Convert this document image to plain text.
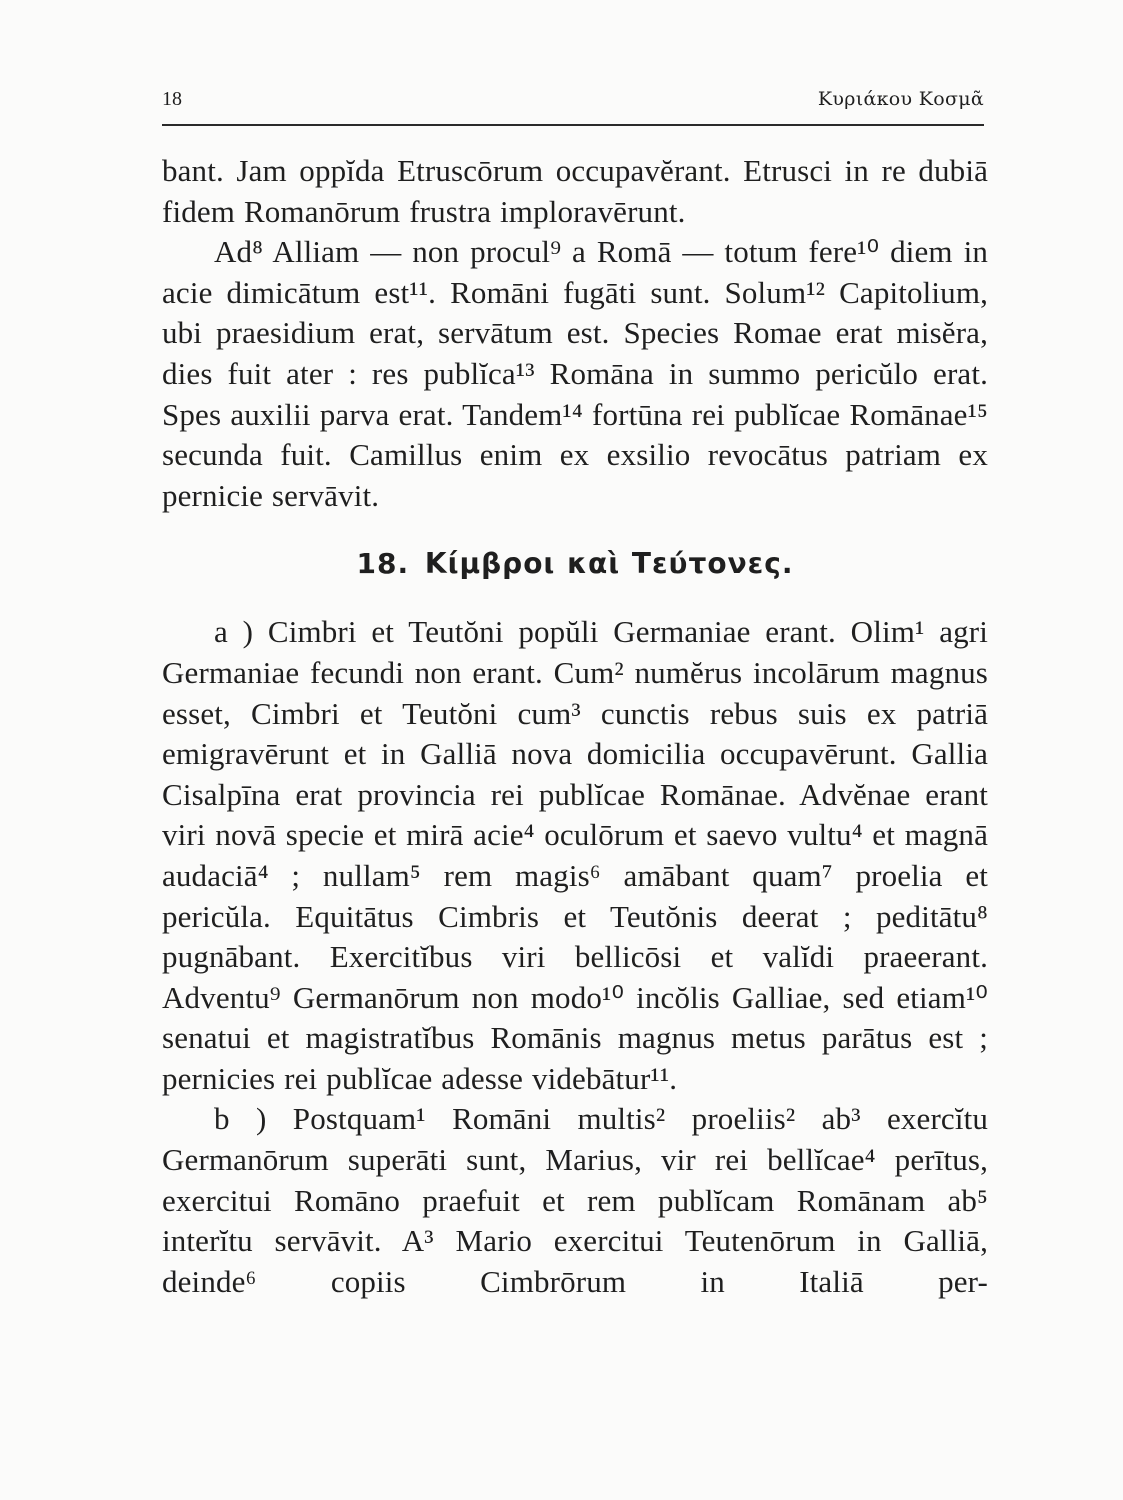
18	Κυριάκου Κοσμᾶ

bant. Jam oppĭda Etruscōrum occupavĕrant. Etrusci in re dubiā fidem Romanōrum frustra imploravērunt.

Ad⁸ Alliam — non procul⁹ a Romā — totum fere¹⁰ diem in acie dimicātum est¹¹. Romāni fugāti sunt. Solum¹² Capitolium, ubi praesidium erat, servātum est. Species Romae erat misĕra, dies fuit ater : res publĭca¹³ Romāna in summo pericŭlo erat. Spes auxilii parva erat. Tandem¹⁴ fortūna rei publĭcae Romānae¹⁵ secunda fuit. Camillus enim ex exsilio revocātus patriam ex pernicie servāvit.

18. Κίμβροι καὶ Τεύτονες.

a ) Cimbri et Teutŏni popŭli Germaniae erant. Olim¹ agri Germaniae fecundi non erant. Cum² numĕrus incolārum magnus esset, Cimbri et Teutŏni cum³ cunctis rebus suis ex patriā emigravērunt et in Galliā nova domicilia occupavērunt. Gallia Cisalpīna erat provincia rei publĭcae Romānae. Advĕnae erant viri novā specie et mirā acie⁴ oculōrum et saevo vultu⁴ et magnā audaciā⁴ ; nullam⁵ rem magis⁶ amābant quam⁷ proelia et pericŭla. Equitātus Cimbris et Teutŏnis deerat ; peditātu⁸ pugnābant. Exercitĭbus viri bellicōsi et valĭdi praeerant. Adventu⁹ Germanōrum non modo¹⁰ incŏlis Galliae, sed etiam¹⁰ senatui et magistratĭbus Romānis magnus metus parātus est ; pernicies rei publĭcae adesse videbātur¹¹.

b ) Postquam¹ Romāni multis² proeliis² ab³ exercĭtu Germanōrum superāti sunt, Marius, vir rei bellĭcae⁴ perītus, exercitui Romāno praefuit et rem publĭcam Romānam ab⁵ interĭtu servāvit. A³ Mario exercitui Teutenōrum in Galliā, deinde⁶ copiis Cimbrōrum in Italiā per-
